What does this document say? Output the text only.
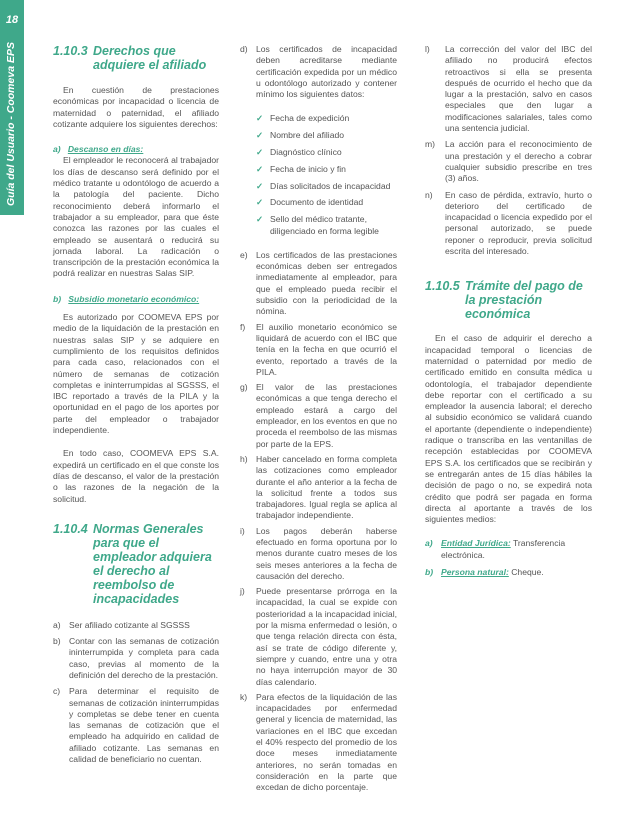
18
Guía del Usuario - Coomeva EPS	1.10.3 Derechos que adquiere el afiliado

En cuestión de prestaciones económicas por incapacidad o licencia de maternidad o paternidad, el afiliado cotizante adquiere los siguientes derechos:

a) Descanso en días:

El empleador le reconocerá al trabajador los días de descanso será definido por el médico tratante u odontólogo de acuerdo a la patología del paciente. Dicho reconocimiento deberá informarlo el trabajador a su empleador, para que éste conozca las razones por las cuales el empleado se ausentará o reducirá su jornada laboral. La radicación o transcripción de la prestación económica la podrá realizar en nuestras Salas SIP.

b) Subsidio monetario económico:

Es autorizado por COOMEVA EPS por medio de la liquidación de la prestación en nuestras salas SIP y se adquiere en cumplimiento de los requisitos definidos para cada caso, relacionados con el número de semanas de cotización completas e ininterrumpidas al SGSSS, el IBC reportado a través de la PILA y la oportunidad en el pago de los aportes por parte del empleador o trabajador independiente.

En todo caso, COOMEVA EPS S.A. expedirá un certificado en el que conste los días de descanso, el valor de la prestación o las razones de la negación de la solicitud.

1.10.4 Normas Generales para que el empleador adquiera el derecho al reembolso de incapacidades
a) Ser afiliado cotizante al SGSSS
b) Contar con las semanas de cotización ininterrumpida y completa para cada caso, previas al momento de la definición del derecho de la prestación.
c)	Para determinar el requisito de semanas de cotización ininterrumpidas y completas se debe tener en cuenta las semanas de cotización que el empleado ha adquirido en calidad de afiliado cotizante. Las semanas en calidad de beneficiario no cuentan.
d) Los certificados de incapacidad deben acreditarse mediante certificación expedida por un médico u odontólogo autorizado y contener mínimo los siguientes datos:
✓ Fecha de expedición
✓ Nombre del afiliado
✓ Diagnóstico clínico
✓ Fecha de inicio y fin
✓ Días solicitados de incapacidad
✓ Documento de identidad
✓ Sello del médico tratante, diligenciado en forma legible
e) Los certificados de las prestaciones económicas deben ser entregados inmediatamente al empleador, para que el empleado pueda recibir el subsidio con la periodicidad de la nómina.
f)	El auxilio monetario económico se liquidará de acuerdo con el IBC que tenía en la fecha en que ocurrió el evento, reportado a través de la PILA.
g) El valor de las prestaciones económicas a que tenga derecho el empleado estará a cargo del empleador, en los eventos en que no proceda el reembolso de las mismas por parte de la EPS.
h) Haber cancelado en forma completa las cotizaciones como empleador durante el año anterior a la fecha de la solicitud frente a todos sus trabajadores. Igual regla se aplica al trabajador independiente.
i)	Los pagos deberán haberse efectuado en forma oportuna por lo menos durante cuatro meses de los seis meses anteriores a la fecha de causación del derecho.
j)	Puede presentarse prórroga en la incapacidad, la cual se expide con posterioridad a la incapacidad inicial, por la misma enfermedad o lesión, o que tenga relación directa con ésta, así se trate de código diferente y, siempre y cuando, entre una y otra no haya interrupción mayor de 30 días calendario.
k)	Para efectos de la liquidación de las incapacidades por enfermedad general y licencia de maternidad, las variaciones en el IBC que excedan el 40% respecto del promedio de los doce meses inmediatamente anteriores, no serán tomadas en consideración en la parte que excedan de dicho porcentaje.
l)	La corrección del valor del IBC del afiliado no producirá efectos retroactivos si ella se presenta después de ocurrido el hecho que da lugar a la prestación, salvo en casos especiales que den lugar a modificaciones salariales, tales como una sentencia judicial.
m)	La acción para el reconocimiento de una prestación y el derecho a cobrar cualquier subsidio prescribe en tres (3) años.
n)	En caso de pérdida, extravío, hurto o deterioro del certificado de incapacidad o licencia expedido por el personal autorizado, se puede reponer o reproducir, previa solicitud escrita del interesado.
1.10.5 Trámite del pago de la prestación económica

En el caso de adquirir el derecho a incapacidad temporal o licencias de maternidad o paternidad por medio de certificado emitido en consulta médica u odontología, el trabajador dependiente debe reportar con el certificado a su empleador la ausencia laboral; el derecho al subsidio económico se validará cuando el aportante (dependiente o independiente) radique o transcriba en las ventanillas de recepción establecidas por COOMEVA EPS S.A. los certificados que se recibirán y se entregarán antes de 15 días hábiles la decisión de pago o no, se expedirá nota crédito que podrá ser pagada en forma directa al aportante a través de los siguientes medios:

a) Entidad Jurídica: Transferencia electrónica.

b) Persona natural: Cheque.
